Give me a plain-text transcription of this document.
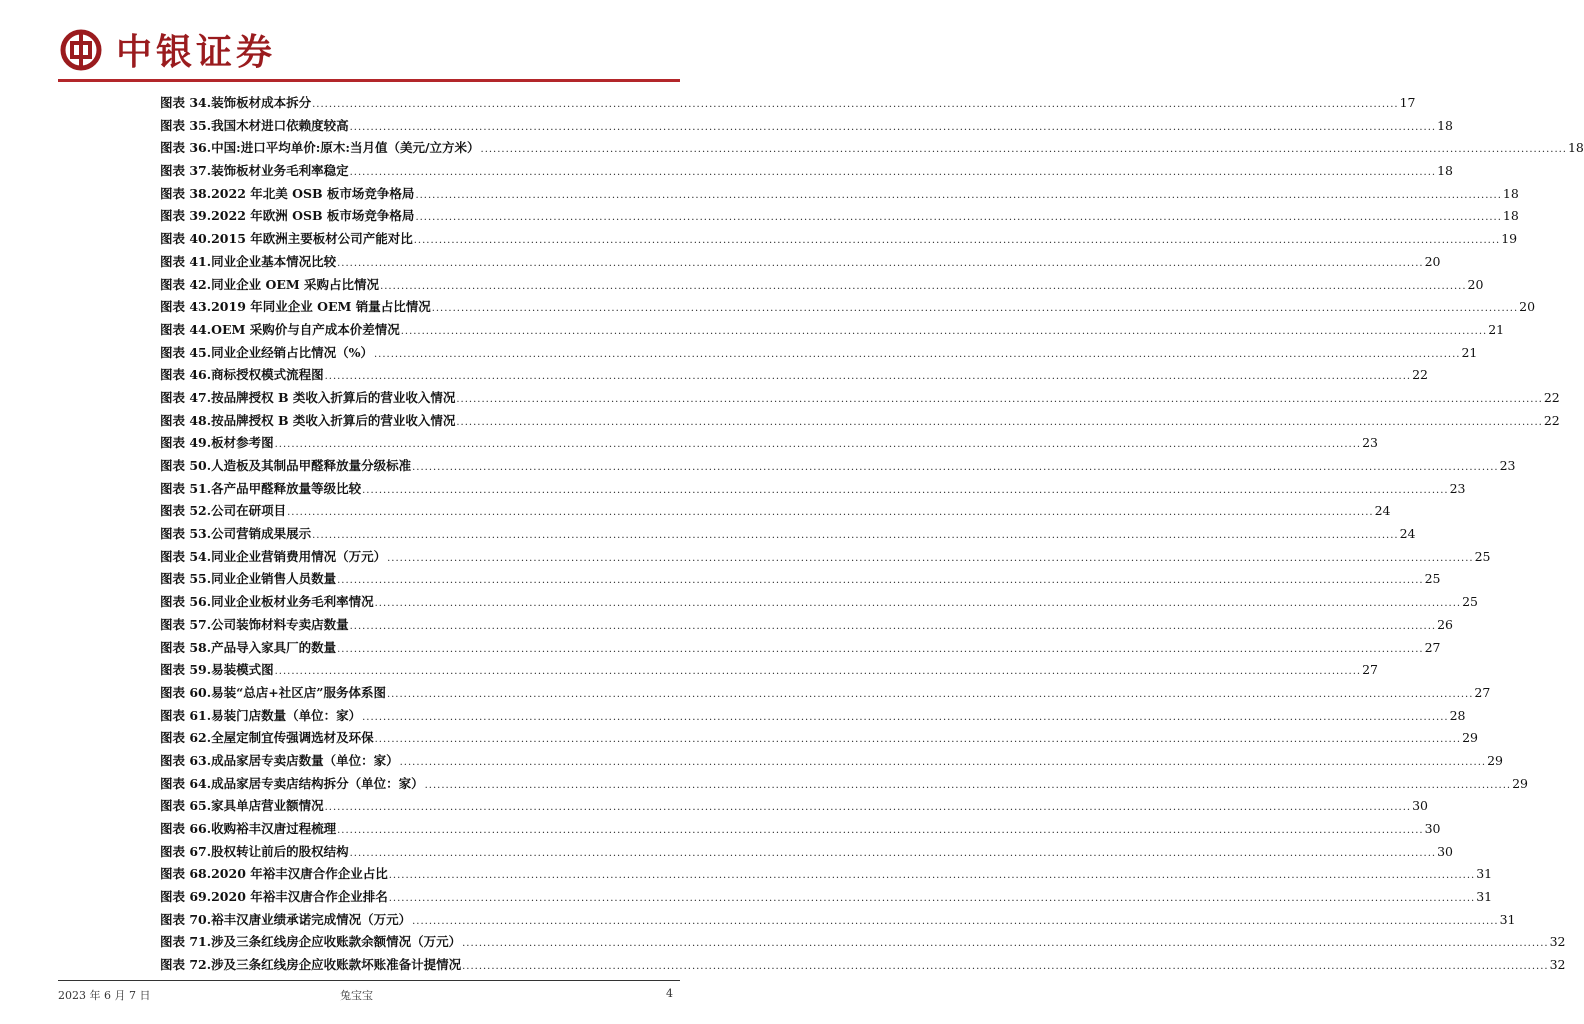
中银证券
图表 34.装饰板材成本拆分 .................................................................................................................................................................................................................................................................... 17
图表 35.我国木材进口依赖度较高 .................................................................................................................................................................................................................................................................... 18
图表 36.中国:进口平均单价:原木:当月值（美元/立方米） .................................................................................................................................................................................................................................................................... 18
图表 37.装饰板材业务毛利率稳定 .................................................................................................................................................................................................................................................................... 18
图表 38.2022 年北美 OSB 板市场竞争格局 .................................................................................................................................................................................................................................................................... 18
图表 39.2022 年欧洲 OSB 板市场竞争格局 .................................................................................................................................................................................................................................................................... 18
图表 40.2015 年欧洲主要板材公司产能对比 .................................................................................................................................................................................................................................................................... 19
图表 41.同业企业基本情况比较 .................................................................................................................................................................................................................................................................... 20
图表 42.同业企业 OEM 采购占比情况 .................................................................................................................................................................................................................................................................... 20
图表 43.2019 年同业企业 OEM 销量占比情况 .................................................................................................................................................................................................................................................................... 20
图表 44.OEM 采购价与自产成本价差情况 .................................................................................................................................................................................................................................................................... 21
图表 45.同业企业经销占比情况（%） .................................................................................................................................................................................................................................................................... 21
图表 46.商标授权模式流程图 .................................................................................................................................................................................................................................................................... 22
图表 47.按品牌授权 B 类收入折算后的营业收入情况 .................................................................................................................................................................................................................................................................... 22
图表 48.按品牌授权 B 类收入折算后的营业收入情况 .................................................................................................................................................................................................................................................................... 22
图表 49.板材参考图 .................................................................................................................................................................................................................................................................... 23
图表 50.人造板及其制品甲醛释放量分级标准 .................................................................................................................................................................................................................................................................... 23
图表 51.各产品甲醛释放量等级比较 .................................................................................................................................................................................................................................................................... 23
图表 52.公司在研项目 .................................................................................................................................................................................................................................................................... 24
图表 53.公司营销成果展示 .................................................................................................................................................................................................................................................................... 24
图表 54.同业企业营销费用情况（万元） .................................................................................................................................................................................................................................................................... 25
图表 55.同业企业销售人员数量 .................................................................................................................................................................................................................................................................... 25
图表 56.同业企业板材业务毛利率情况 .................................................................................................................................................................................................................................................................... 25
图表 57.公司装饰材料专卖店数量 .................................................................................................................................................................................................................................................................... 26
图表 58.产品导入家具厂的数量 .................................................................................................................................................................................................................................................................... 27
图表 59.易装模式图 .................................................................................................................................................................................................................................................................... 27
图表 60.易装“总店+社区店”服务体系图 .................................................................................................................................................................................................................................................................... 27
图表 61.易装门店数量（单位：家） .................................................................................................................................................................................................................................................................... 28
图表 62.全屋定制宜传强调选材及环保 .................................................................................................................................................................................................................................................................... 29
图表 63.成品家居专卖店数量（单位：家） .................................................................................................................................................................................................................................................................... 29
图表 64.成品家居专卖店结构拆分（单位：家） .................................................................................................................................................................................................................................................................... 29
图表 65.家具单店营业额情况 .................................................................................................................................................................................................................................................................... 30
图表 66.收购裕丰汉唐过程梳理 .................................................................................................................................................................................................................................................................... 30
图表 67.股权转让前后的股权结构 .................................................................................................................................................................................................................................................................... 30
图表 68.2020 年裕丰汉唐合作企业占比 .................................................................................................................................................................................................................................................................... 31
图表 69.2020 年裕丰汉唐合作企业排名 .................................................................................................................................................................................................................................................................... 31
图表 70.裕丰汉唐业绩承诺完成情况（万元） .................................................................................................................................................................................................................................................................... 31
图表 71.涉及三条红线房企应收账款余额情况（万元） .................................................................................................................................................................................................................................................................... 32
图表 72.涉及三条红线房企应收账款坏账准备计提情况 .................................................................................................................................................................................................................................................................... 32
2023 年 6 月 7 日	兔宝宝	4
